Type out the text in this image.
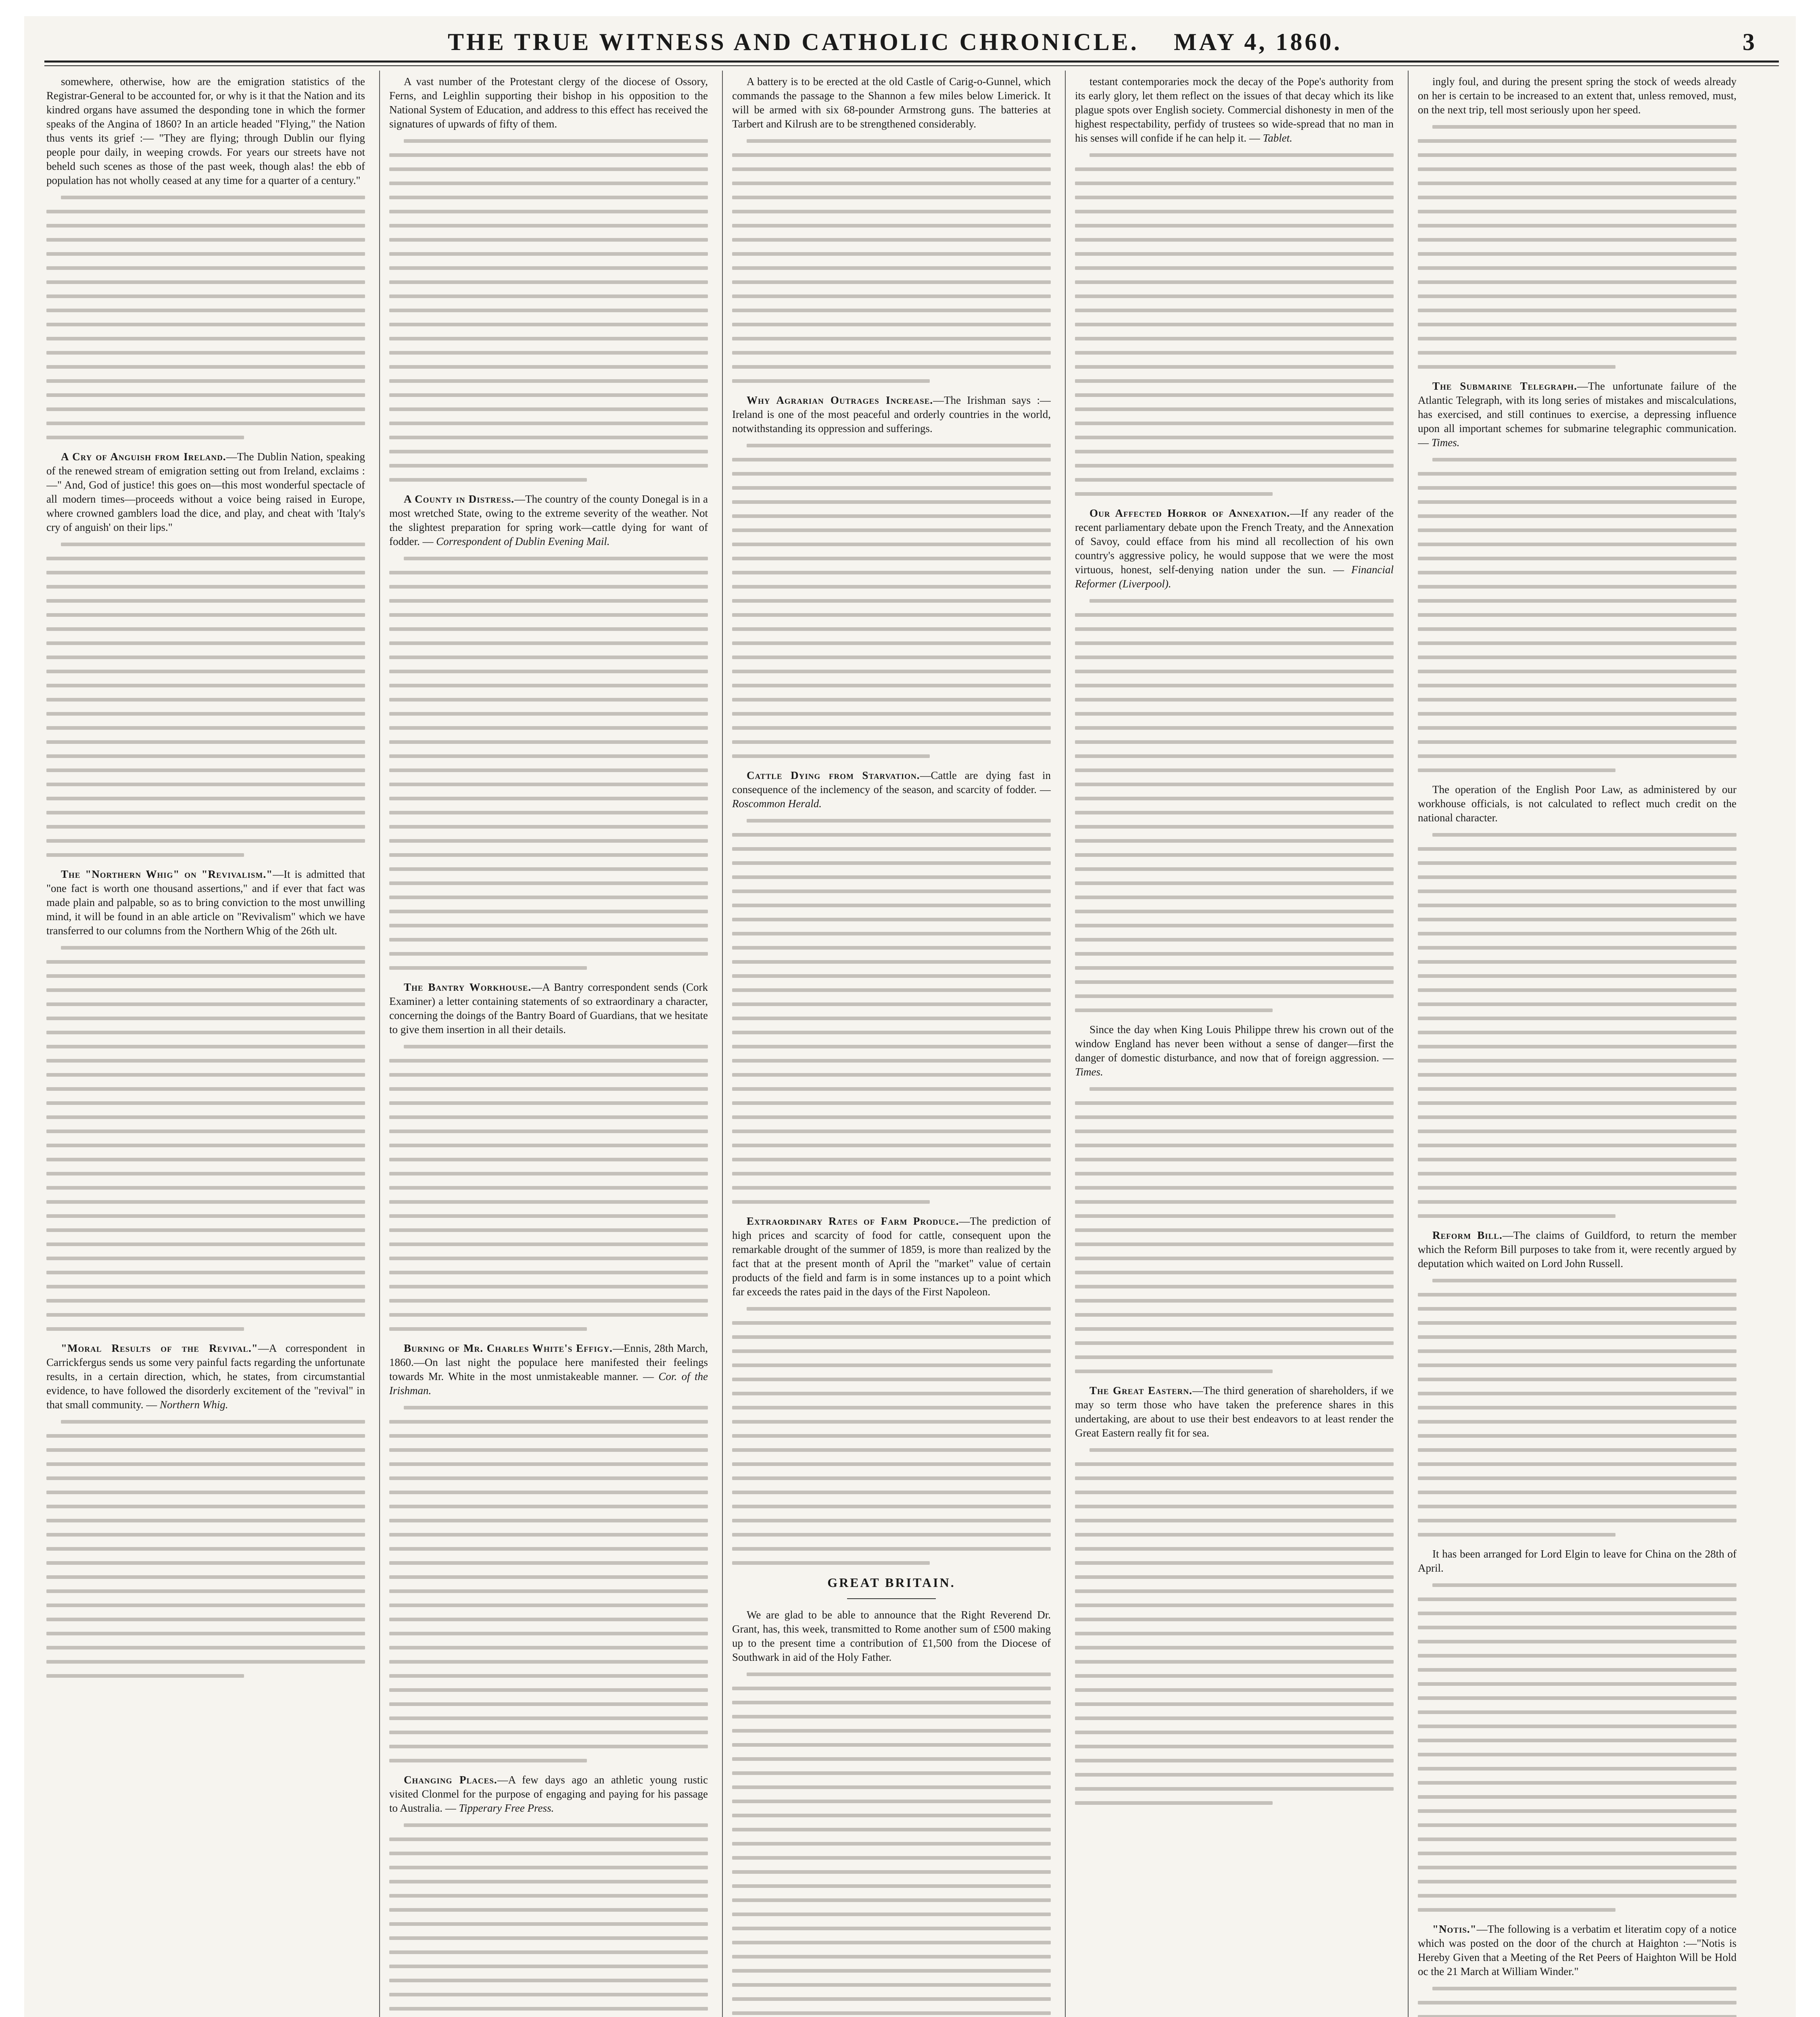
THE TRUE WITNESS AND CATHOLIC CHRONICLE. MAY 4, 1860.	3

somewhere, otherwise, how are the emigration statistics of the Registrar-General to be accounted for, or why is it that the Nation and its kindred organs have assumed the desponding tone in which the former speaks of the Angina of 1860? In an article headed "Flying," the Nation thus vents its grief :— "They are flying; through Dublin our flying people pour daily, in weeping crowds. For years our streets have not beheld such scenes as those of the past week, though alas! the ebb of population has not wholly ceased at any time for a quarter of a century."

A Cry of Anguish from Ireland.—The Dublin Nation, speaking of the renewed stream of emigration setting out from Ireland, exclaims :—" And, God of justice! this goes on—this most wonderful spectacle of all modern times—proceeds without a voice being raised in Europe, where crowned gamblers load the dice, and play, and cheat with 'Italy's cry of anguish' on their lips."

The "Northern Whig" on "Revivalism."—It is admitted that "one fact is worth one thousand assertions," and if ever that fact was made plain and palpable, so as to bring conviction to the most unwilling mind, it will be found in an able article on "Revivalism" which we have transferred to our columns from the Northern Whig of the 26th ult.

"Moral Results of the Revival."—A correspondent in Carrickfergus sends us some very painful facts regarding the unfortunate results, in a certain direction, which, he states, from circumstantial evidence, to have followed the disorderly excitement of the "revival" in that small community. — Northern Whig.

A vast number of the Protestant clergy of the diocese of Ossory, Ferns, and Leighlin supporting their bishop in his opposition to the National System of Education, and address to this effect has received the signatures of upwards of fifty of them.

A County in Distress.—The country of the county Donegal is in a most wretched State, owing to the extreme severity of the weather. Not the slightest preparation for spring work—cattle dying for want of fodder. — Correspondent of Dublin Evening Mail.

The Bantry Workhouse.—A Bantry correspondent sends (Cork Examiner) a letter containing statements of so extraordinary a character, concerning the doings of the Bantry Board of Guardians, that we hesitate to give them insertion in all their details.

Burning of Mr. Charles White's Effigy.—Ennis, 28th March, 1860.—On last night the populace here manifested their feelings towards Mr. White in the most unmistakeable manner. — Cor. of the Irishman.

Changing Places.—A few days ago an athletic young rustic visited Clonmel for the purpose of engaging and paying for his passage to Australia. — Tipperary Free Press.

A battery is to be erected at the old Castle of Carig-o-Gunnel, which commands the passage to the Shannon a few miles below Limerick. It will be armed with six 68-pounder Armstrong guns. The batteries at Tarbert and Kilrush are to be strengthened considerably.

Why Agrarian Outrages Increase.—The Irishman says :—Ireland is one of the most peaceful and orderly countries in the world, notwithstanding its oppression and sufferings.

Cattle Dying from Starvation.—Cattle are dying fast in consequence of the inclemency of the season, and scarcity of fodder. — Roscommon Herald.

Extraordinary Rates of Farm Produce.—The prediction of high prices and scarcity of food for cattle, consequent upon the remarkable drought of the summer of 1859, is more than realized by the fact that at the present month of April the "market" value of certain products of the field and farm is in some instances up to a point which far exceeds the rates paid in the days of the First Napoleon.

GREAT BRITAIN.

We are glad to be able to announce that the Right Reverend Dr. Grant, has, this week, transmitted to Rome another sum of £500 making up to the present time a contribution of £1,500 from the Diocese of Southwark in aid of the Holy Father.

testant contemporaries mock the decay of the Pope's authority from its early glory, let them reflect on the issues of that decay which its like plague spots over English society. Commercial dishonesty in men of the highest respectability, perfidy of trustees so wide-spread that no man in his senses will confide if he can help it. — Tablet.

Our Affected Horror of Annexation.—If any reader of the recent parliamentary debate upon the French Treaty, and the Annexation of Savoy, could efface from his mind all recollection of his own country's aggressive policy, he would suppose that we were the most virtuous, honest, self-denying nation under the sun. — Financial Reformer (Liverpool).

Since the day when King Louis Philippe threw his crown out of the window England has never been without a sense of danger—first the danger of domestic disturbance, and now that of foreign aggression. — Times.

The Great Eastern.—The third generation of shareholders, if we may so term those who have taken the preference shares in this undertaking, are about to use their best endeavors to at least render the Great Eastern really fit for sea.

ingly foul, and during the present spring the stock of weeds already on her is certain to be increased to an extent that, unless removed, must, on the next trip, tell most seriously upon her speed.

The Submarine Telegraph.—The unfortunate failure of the Atlantic Telegraph, with its long series of mistakes and miscalculations, has exercised, and still continues to exercise, a depressing influence upon all important schemes for submarine telegraphic communication. — Times.

The operation of the English Poor Law, as administered by our workhouse officials, is not calculated to reflect much credit on the national character.

Reform Bill.—The claims of Guildford, to return the member which the Reform Bill purposes to take from it, were recently argued by deputation which waited on Lord John Russell.

It has been arranged for Lord Elgin to leave for China on the 28th of April.

"Notis."—The following is a verbatim et literatim copy of a notice which was posted on the door of the church at Haighton :—"Notis is Hereby Given that a Meeting of the Ret Peers of Haighton Will be Hold oc the 21 March at William Winder."
